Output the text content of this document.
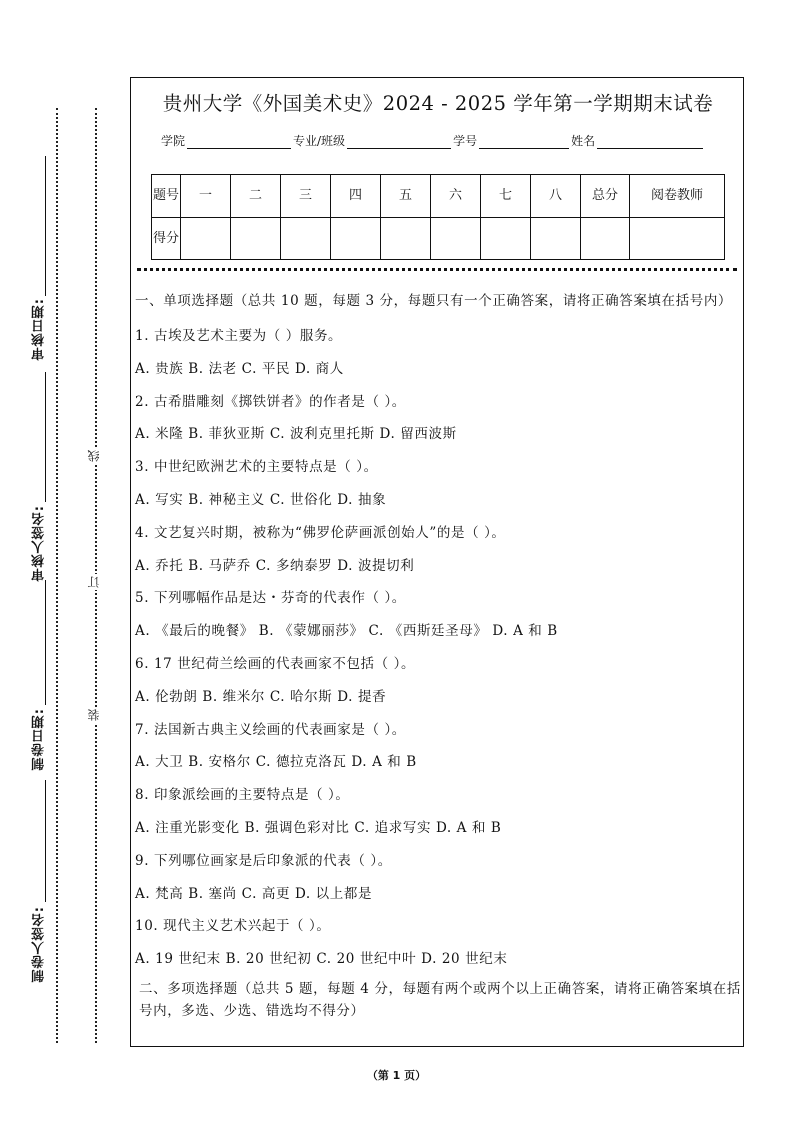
审核日期:
审核人签名:
制卷日期:
制卷人签名:
线
订
装
贵州大学《外国美术史》2024 - 2025 学年第一学期期末试卷
学院	专业/班级	学号	姓名
题号	一	二	三	四	五	六	七	八	总分	阅卷教师
得分										

一、单项选择题（总共 10 题，每题 3 分，每题只有一个正确答案，请将正确答案填在括号内）

1. 古埃及艺术主要为（ ）服务。

A. 贵族 B. 法老 C. 平民 D. 商人

2. 古希腊雕刻《掷铁饼者》的作者是（ ）。

A. 米隆 B. 菲狄亚斯 C. 波利克里托斯 D. 留西波斯

3. 中世纪欧洲艺术的主要特点是（ ）。

A. 写实 B. 神秘主义 C. 世俗化 D. 抽象

4. 文艺复兴时期，被称为“佛罗伦萨画派创始人”的是（ ）。

A. 乔托 B. 马萨乔 C. 多纳泰罗 D. 波提切利

5. 下列哪幅作品是达・芬奇的代表作（ ）。

A. 《最后的晚餐》 B. 《蒙娜丽莎》 C. 《西斯廷圣母》 D. A 和 B

6. 17 世纪荷兰绘画的代表画家不包括（ ）。

A. 伦勃朗 B. 维米尔 C. 哈尔斯 D. 提香

7. 法国新古典主义绘画的代表画家是（ ）。

A. 大卫 B. 安格尔 C. 德拉克洛瓦 D. A 和 B

8. 印象派绘画的主要特点是（ ）。

A. 注重光影变化 B. 强调色彩对比 C. 追求写实 D. A 和 B

9. 下列哪位画家是后印象派的代表（ ）。

A. 梵高 B. 塞尚 C. 高更 D. 以上都是

10. 现代主义艺术兴起于（ ）。

A. 19 世纪末 B. 20 世纪初 C. 20 世纪中叶 D. 20 世纪末

二、多项选择题（总共 5 题，每题 4 分，每题有两个或两个以上正确答案，请将正确答案填在括号内，多选、少选、错选均不得分）

（第 1 页）
